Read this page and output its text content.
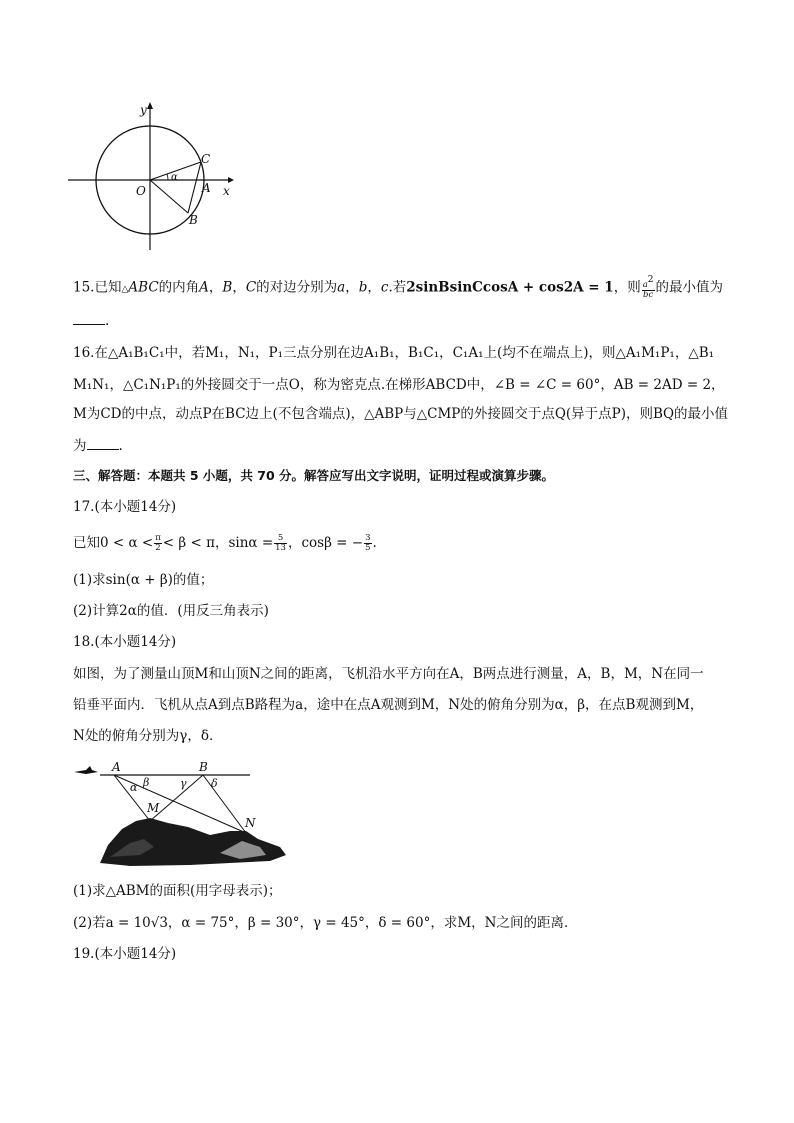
y
x
O
α
C
A
B
15.已知△ABC的内角A，B，C的对边分别为a，b，c.若2sinBsinCcosA + cos2A = 1，则 $\frac{a2}{bc}$ 的最小值为
.
16.在△A₁B₁C₁中，若M₁，N₁，P₁三点分别在边A₁B₁，B₁C₁，C₁A₁上(均不在端点上)，则△A₁M₁P₁，△B₁
M₁N₁，△C₁N₁P₁的外接圆交于一点O，称为密克点.在梯形ABCD中，∠B = ∠C = 60°，AB = 2AD = 2，
M为CD的中点，动点P在BC边上(不包含端点)，△ABP与△CMP的外接圆交于点Q(异于点P)，则BQ的最小值
为 .
三、解答题：本题共 5 小题，共 70 分。解答应写出文字说明，证明过程或演算步骤。
17.(本小题14分)
已知$0 < \alpha < \frac{\pi}{2} < \beta < \pi$，$\sin\alpha = \frac{5}{13}$ ，cosβ = − $\frac{3}{5}$ .
(1)求sin(α + β)的值；
(2)计算2α的值．(用反三角表示)
18.(本小题14分)
如图，为了测量山顶M和山顶N之间的距离，飞机沿水平方向在A，B两点进行测量，A，B，M，N在同一
铅垂平面内．飞机从点A到点B路程为a，途中在点A观测到M，N处的俯角分别为α，β，在点B观测到M，
N处的俯角分别为γ，δ．
A	B
α β	γ δ
M
N
(1)求△ABM的面积(用字母表示)；
(2)若a = 10√3，α = 75°，β = 30°，γ = 45°，δ = 60°，求M，N之间的距离．
19.(本小题14分)
